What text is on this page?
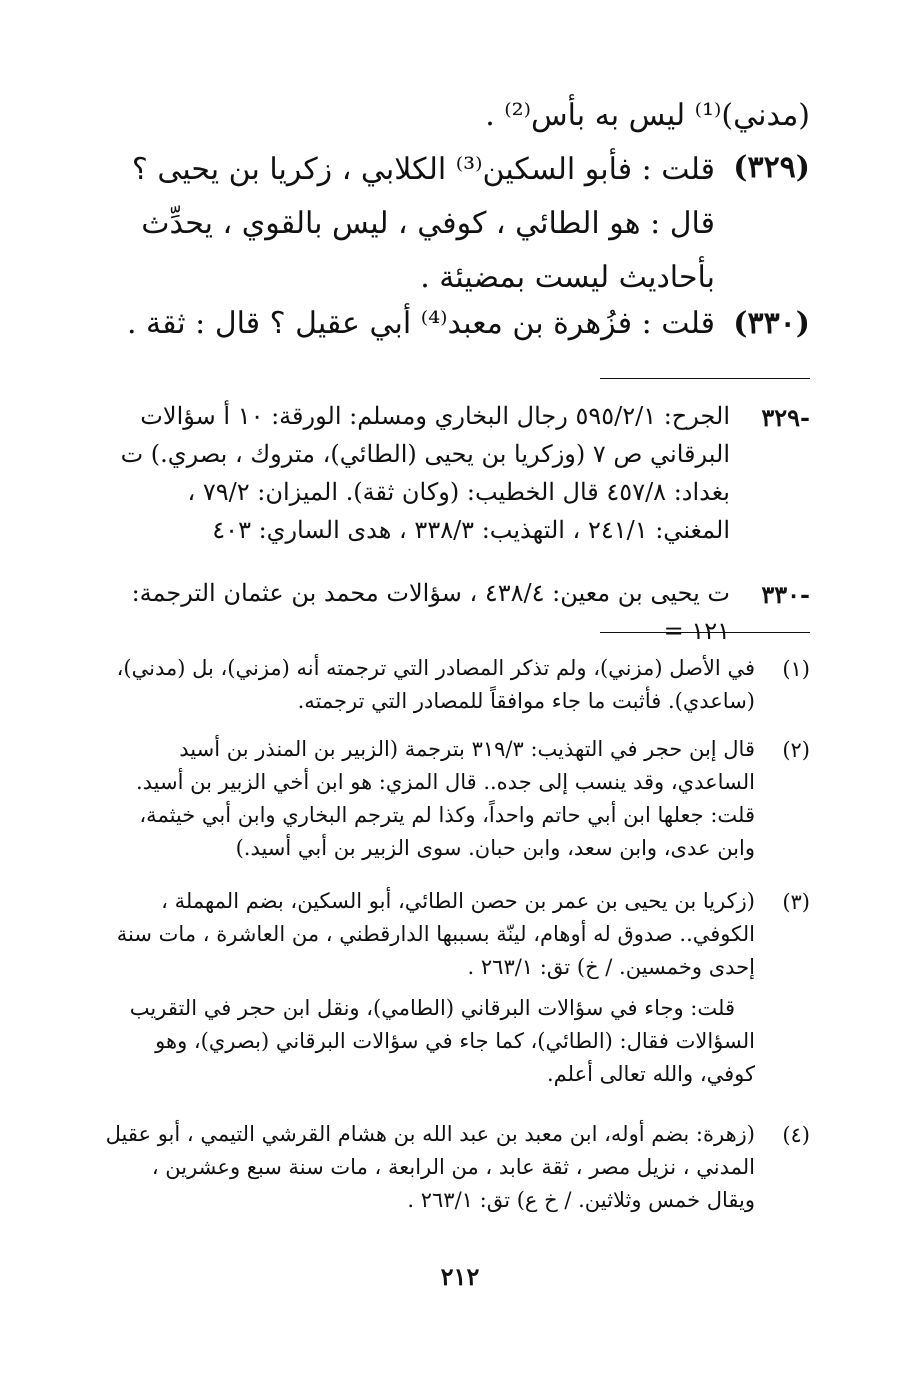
(مدني)⁽¹⁾ ليس به بأس⁽²⁾ .
(٣٢٩)
قلت : فأبو السكين⁽³⁾ الكلابي ، زكريا بن يحيى ؟ قال : هو الطائي ، كوفي ، ليس بالقوي ، يحدِّث بأحاديث ليست بمضيئة .
(٣٣٠)
قلت : فزُهرة بن معبد⁽⁴⁾ أبي عقيل ؟ قال : ثقة .
٣٢٩-
الجرح: ٥٩٥/٢/١ رجال البخاري ومسلم: الورقة: ١٠ أ سؤالات البرقاني ص ٧ (وزكريا بن يحيى (الطائي)، متروك ، بصري.) ت بغداد: ٤٥٧/٨ قال الخطيب: (وكان ثقة). الميزان: ٧٩/٢ ، المغني: ٢٤١/١ ، التهذيب: ٣٣٨/٣ ، هدى الساري: ٤٠٣
٣٣٠-
ت يحيى بن معين: ٤٣٨/٤ ، سؤالات محمد بن عثمان الترجمة: ١٢١ =
(١)

في الأصل (مزني)، ولم تذكر المصادر التي ترجمته أنه (مزني)، بل (مدني)، (ساعدي). فأثبت ما جاء موافقاً للمصادر التي ترجمته.

(٢)

قال إبن حجر في التهذيب: ٣١٩/٣ بترجمة (الزبير بن المنذر بن أسيد الساعدي، وقد ينسب إلى جده.. قال المزي: هو ابن أخي الزبير بن أسيد.

قلت: جعلها ابن أبي حاتم واحداً، وكذا لم يترجم البخاري وابن أبي خيثمة، وابن عدى، وابن سعد، وابن حبان. سوى الزبير بن أبي أسيد.)

(٣)

(زكريا بن يحيى بن عمر بن حصن الطائي، أبو السكين، بضم المهملة ، الكوفي.. صدوق له أوهام، لينّة بسببها الدارقطني ، من العاشرة ، مات سنة إحدى وخمسين. / خ) تق: ٢٦٣/١ .

قلت: وجاء في سؤالات البرقاني (الطامي)، ونقل ابن حجر في التقريب السؤالات فقال: (الطائي)، كما جاء في سؤالات البرقاني (بصري)، وهو كوفي، والله تعالى أعلم.

(٤)

(زهرة: بضم أوله، ابن معبد بن عبد الله بن هشام القرشي التيمي ، أبو عقيل المدني ، نزيل مصر ، ثقة عابد ، من الرابعة ، مات سنة سبع وعشرين ، ويقال خمس وثلاثين. / خ ع) تق: ٢٦٣/١ .

٢١٢
